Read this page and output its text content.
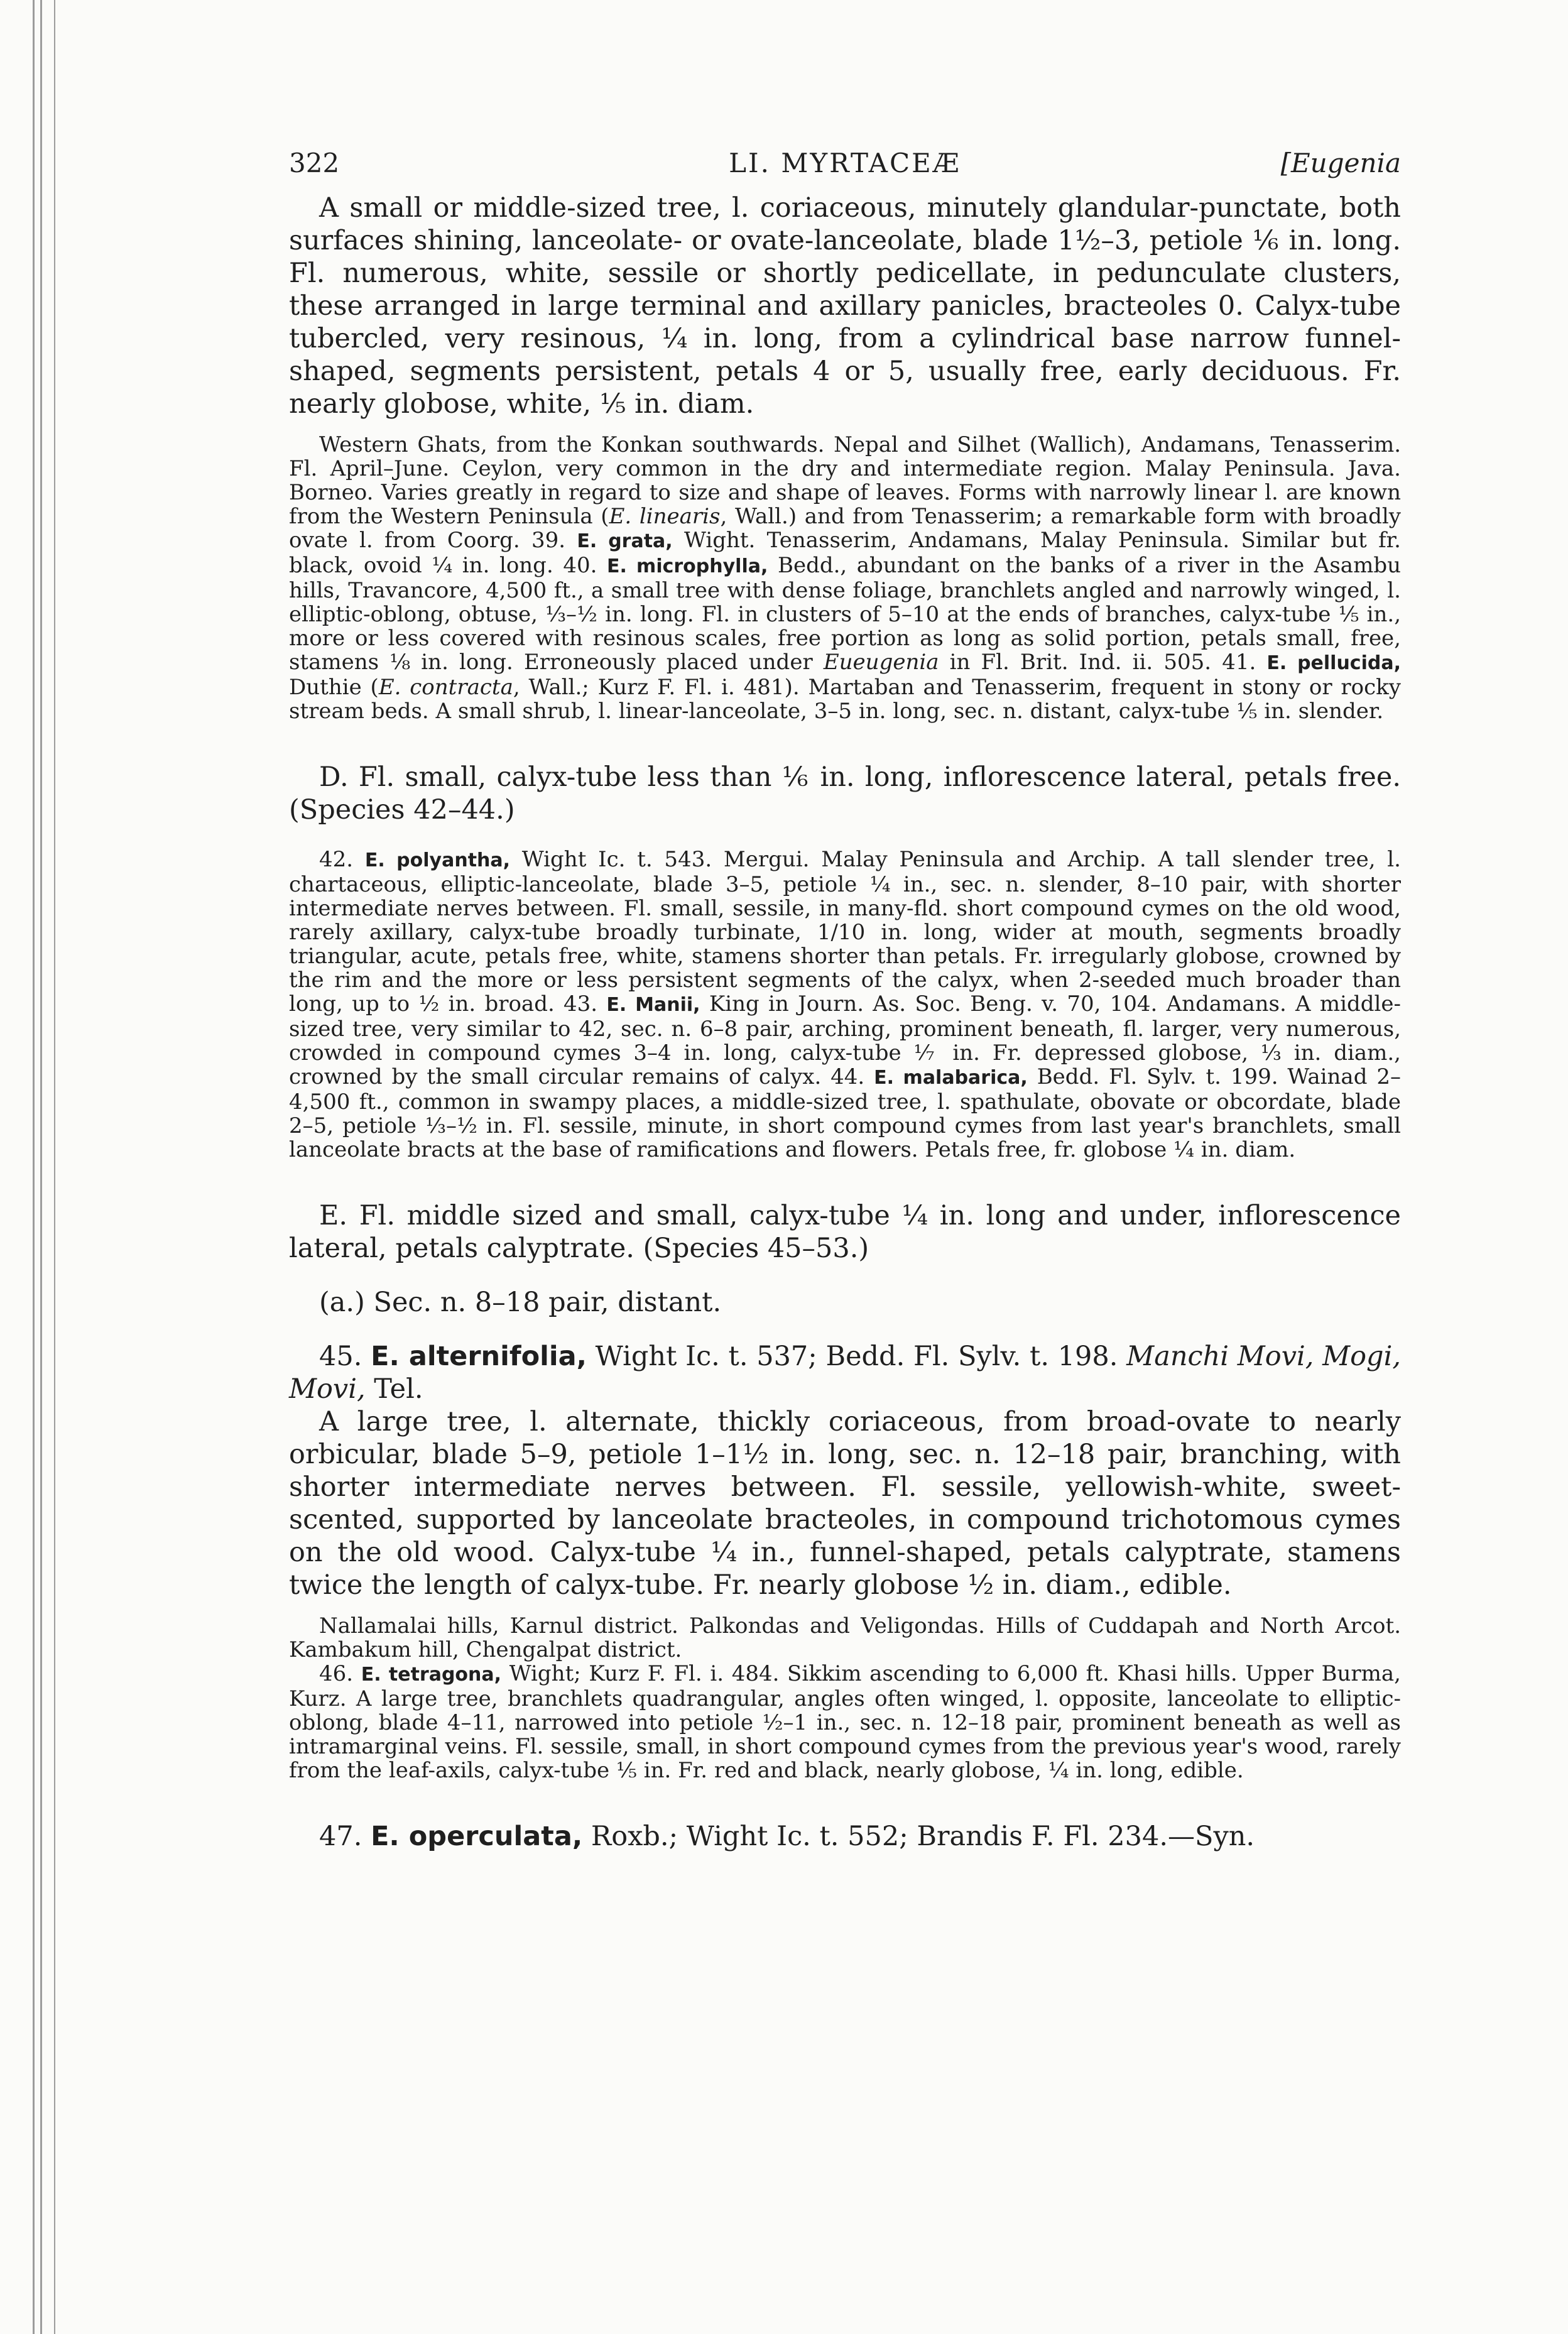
322	LI. MYRTACEÆ	[Eugenia

A small or middle-sized tree, l. coriaceous, minutely glandular-punctate, both surfaces shining, lanceolate- or ovate-lanceolate, blade 1½–3, petiole ⅙ in. long. Fl. numerous, white, sessile or shortly pedicellate, in pedunculate clusters, these arranged in large terminal and axillary panicles, bracteoles 0. Calyx-tube tubercled, very resinous, ¼ in. long, from a cylindrical base narrow funnel-shaped, segments persistent, petals 4 or 5, usually free, early deciduous. Fr. nearly globose, white, ⅕ in. diam.

Western Ghats, from the Konkan southwards. Nepal and Silhet (Wallich), Andamans, Tenasserim. Fl. April–June. Ceylon, very common in the dry and intermediate region. Malay Peninsula. Java. Borneo. Varies greatly in regard to size and shape of leaves. Forms with narrowly linear l. are known from the Western Peninsula (E. linearis, Wall.) and from Tenasserim; a remarkable form with broadly ovate l. from Coorg. 39. E. grata, Wight. Tenasserim, Andamans, Malay Peninsula. Similar but fr. black, ovoid ¼ in. long. 40. E. microphylla, Bedd., abundant on the banks of a river in the Asambu hills, Travancore, 4,500 ft., a small tree with dense foliage, branchlets angled and narrowly winged, l. elliptic-oblong, obtuse, ⅓–½ in. long. Fl. in clusters of 5–10 at the ends of branches, calyx-tube ⅕ in., more or less covered with resinous scales, free portion as long as solid portion, petals small, free, stamens ⅛ in. long. Erroneously placed under Eueugenia in Fl. Brit. Ind. ii. 505. 41. E. pellucida, Duthie (E. contracta, Wall.; Kurz F. Fl. i. 481). Martaban and Tenasserim, frequent in stony or rocky stream beds. A small shrub, l. linear-lanceolate, 3–5 in. long, sec. n. distant, calyx-tube ⅕ in. slender.

D. Fl. small, calyx-tube less than ⅙ in. long, inflorescence lateral, petals free. (Species 42–44.)

42. E. polyantha, Wight Ic. t. 543. Mergui. Malay Peninsula and Archip. A tall slender tree, l. chartaceous, elliptic-lanceolate, blade 3–5, petiole ¼ in., sec. n. slender, 8–10 pair, with shorter intermediate nerves between. Fl. small, sessile, in many-fld. short compound cymes on the old wood, rarely axillary, calyx-tube broadly turbinate, 1/10 in. long, wider at mouth, segments broadly triangular, acute, petals free, white, stamens shorter than petals. Fr. irregularly globose, crowned by the rim and the more or less persistent segments of the calyx, when 2-seeded much broader than long, up to ½ in. broad. 43. E. Manii, King in Journ. As. Soc. Beng. v. 70, 104. Andamans. A middle-sized tree, very similar to 42, sec. n. 6–8 pair, arching, prominent beneath, fl. larger, very numerous, crowded in compound cymes 3–4 in. long, calyx-tube ⅐ in. Fr. depressed globose, ⅓ in. diam., crowned by the small circular remains of calyx. 44. E. malabarica, Bedd. Fl. Sylv. t. 199. Wainad 2–4,500 ft., common in swampy places, a middle-sized tree, l. spathulate, obovate or obcordate, blade 2–5, petiole ⅓–½ in. Fl. sessile, minute, in short compound cymes from last year's branchlets, small lanceolate bracts at the base of ramifications and flowers. Petals free, fr. globose ¼ in. diam.

E. Fl. middle sized and small, calyx-tube ¼ in. long and under, inflorescence lateral, petals calyptrate. (Species 45–53.)

(a.) Sec. n. 8–18 pair, distant.

45. E. alternifolia, Wight Ic. t. 537; Bedd. Fl. Sylv. t. 198. Manchi Movi, Mogi, Movi, Tel.

A large tree, l. alternate, thickly coriaceous, from broad-ovate to nearly orbicular, blade 5–9, petiole 1–1½ in. long, sec. n. 12–18 pair, branching, with shorter intermediate nerves between. Fl. sessile, yellowish-white, sweet-scented, supported by lanceolate bracteoles, in compound trichotomous cymes on the old wood. Calyx-tube ¼ in., funnel-shaped, petals calyptrate, stamens twice the length of calyx-tube. Fr. nearly globose ½ in. diam., edible.

Nallamalai hills, Karnul district. Palkondas and Veligondas. Hills of Cuddapah and North Arcot. Kambakum hill, Chengalpat district.

46. E. tetragona, Wight; Kurz F. Fl. i. 484. Sikkim ascending to 6,000 ft. Khasi hills. Upper Burma, Kurz. A large tree, branchlets quadrangular, angles often winged, l. opposite, lanceolate to elliptic-oblong, blade 4–11, narrowed into petiole ½–1 in., sec. n. 12–18 pair, prominent beneath as well as intramarginal veins. Fl. sessile, small, in short compound cymes from the previous year's wood, rarely from the leaf-axils, calyx-tube ⅕ in. Fr. red and black, nearly globose, ¼ in. long, edible.

47. E. operculata, Roxb.; Wight Ic. t. 552; Brandis F. Fl. 234.—Syn.
